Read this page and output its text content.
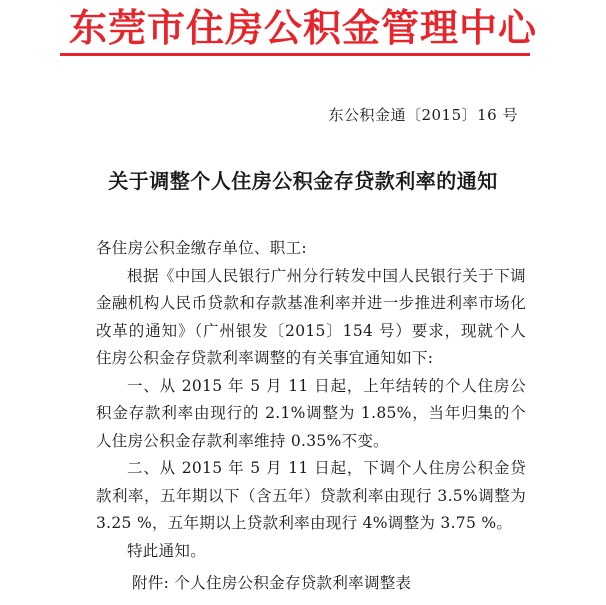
东莞市住房公积金管理中心
东公积金通〔2015〕16 号
关于调整个人住房公积金存贷款利率的通知

各住房公积金缴存单位、职工:

根据《中国人民银行广州分行转发中国人民银行关于下调金融机构人民币贷款和存款基准利率并进一步推进利率市场化改革的通知》（广州银发〔2015〕154 号）要求，现就个人住房公积金存贷款利率调整的有关事宜通知如下:

一、从 2015 年 5 月 11 日起，上年结转的个人住房公积金存款利率由现行的 2.1%调整为 1.85%，当年归集的个人住房公积金存款利率维持 0.35%不变。

二、从 2015 年 5 月 11 日起，下调个人住房公积金贷款利率，五年期以下（含五年）贷款利率由现行 3.5%调整为 3.25 %，五年期以上贷款利率由现行 4%调整为 3.75 %。

特此通知。

附件: 个人住房公积金存贷款利率调整表
